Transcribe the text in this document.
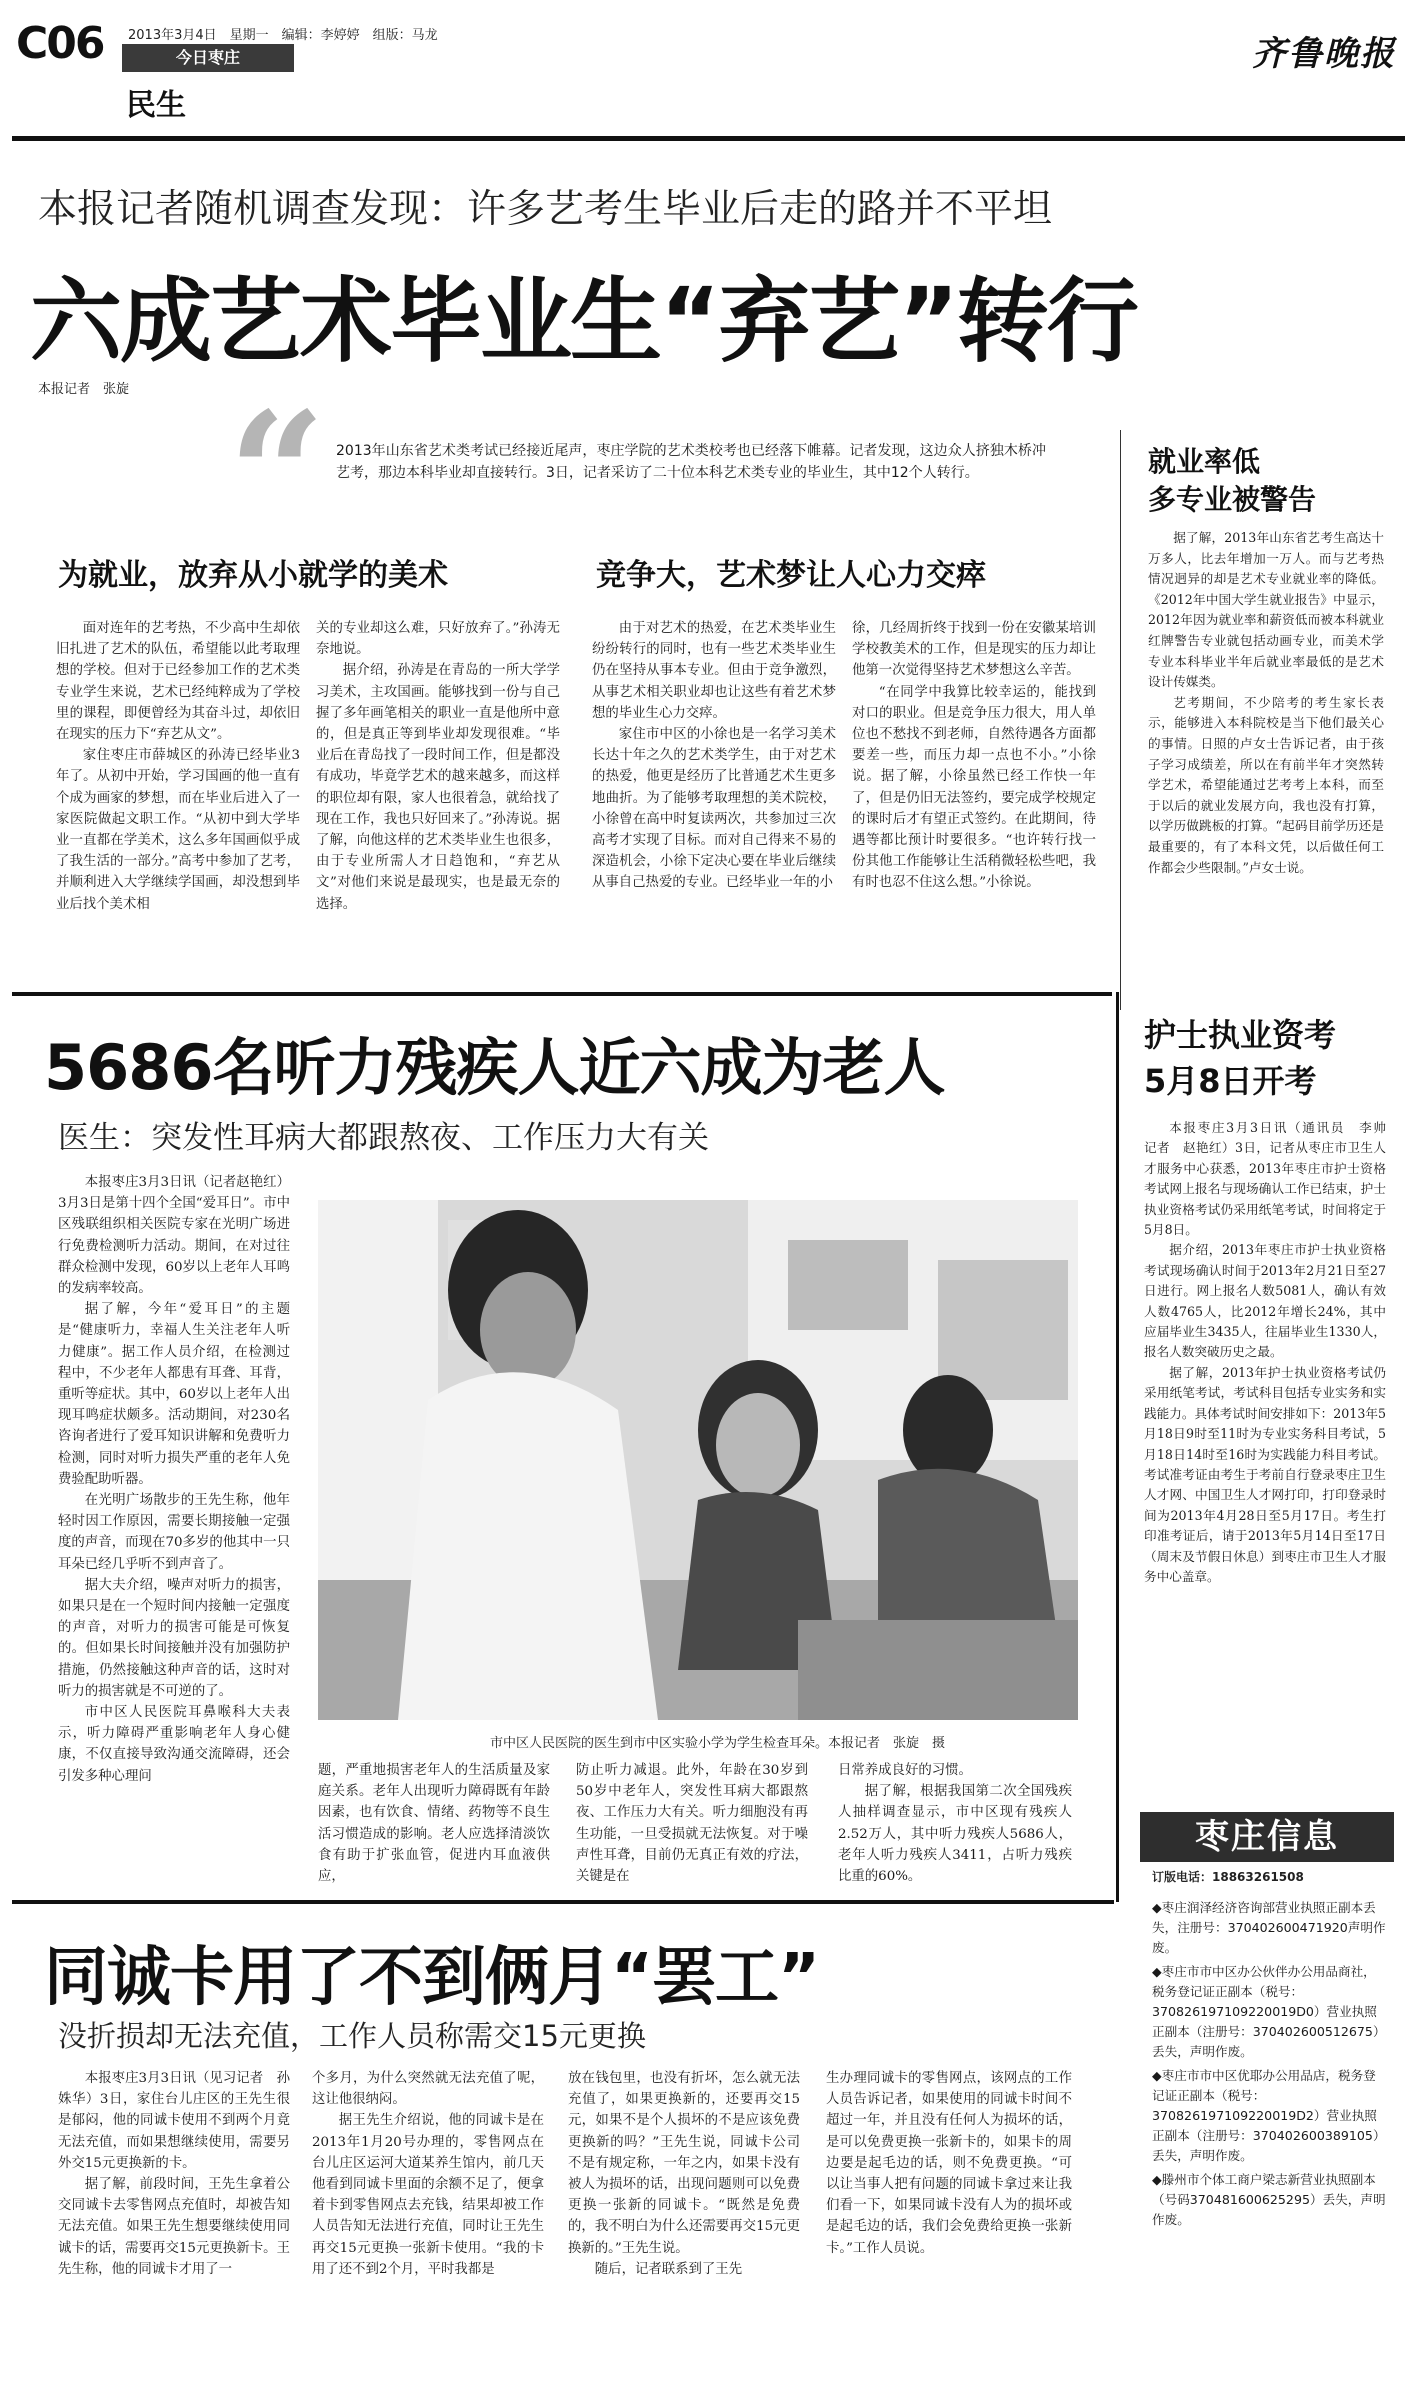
C06 2013年3月4日　星期一　编辑：李婷婷　组版：马龙
今日枣庄
民生
齐鲁晚报
本报记者随机调查发现：许多艺考生毕业后走的路并不平坦
六成艺术毕业生“弃艺”转行
本报记者　张旋 “ 2013年山东省艺术类考试已经接近尾声，枣庄学院的艺术类校考也已经落下帷幕。记者发现，这边众人挤独木桥冲艺考，那边本科毕业却直接转行。3日，记者采访了二十位本科艺术类专业的毕业生，其中12个人转行。
为就业，放弃从小就学的美术	竞争大，艺术梦让人心力交瘁

面对连年的艺考热，不少高中生却依旧扎进了艺术的队伍，希望能以此考取理想的学校。但对于已经参加工作的艺术类专业学生来说，艺术已经纯粹成为了学校里的课程，即便曾经为其奋斗过，却依旧在现实的压力下“弃艺从文”。

家住枣庄市薛城区的孙涛已经毕业3年了。从初中开始，学习国画的他一直有个成为画家的梦想，而在毕业后进入了一家医院做起文职工作。“从初中到大学毕业一直都在学美术，这么多年国画似乎成了我生活的一部分。”高考中参加了艺考，并顺利进入大学继续学国画，却没想到毕业后找个美术相

关的专业却这么难，只好放弃了。”孙涛无奈地说。

据介绍，孙涛是在青岛的一所大学学习美术，主攻国画。能够找到一份与自己握了多年画笔相关的职业一直是他所中意的，但是真正等到毕业却发现很难。“毕业后在青岛找了一段时间工作，但是都没有成功，毕竟学艺术的越来越多，而这样的职位却有限，家人也很着急，就给找了现在工作，我也只好回来了。”孙涛说。据了解，向他这样的艺术类毕业生也很多，由于专业所需人才日趋饱和，“弃艺从文”对他们来说是最现实，也是最无奈的选择。

由于对艺术的热爱，在艺术类毕业生纷纷转行的同时，也有一些艺术类毕业生仍在坚持从事本专业。但由于竞争激烈，从事艺术相关职业却也让这些有着艺术梦想的毕业生心力交瘁。

家住市中区的小徐也是一名学习美术长达十年之久的艺术类学生，由于对艺术的热爱，他更是经历了比普通艺术生更多地曲折。为了能够考取理想的美术院校，小徐曾在高中时复读两次，共参加过三次高考才实现了目标。而对自己得来不易的深造机会，小徐下定决心要在毕业后继续从事自己热爱的专业。已经毕业一年的小

徐，几经周折终于找到一份在安徽某培训学校教美术的工作，但是现实的压力却让他第一次觉得坚持艺术梦想这么辛苦。

“在同学中我算比较幸运的，能找到对口的职业。但是竞争压力很大，用人单位也不愁找不到老师，自然待遇各方面都要差一些，而压力却一点也不小。”小徐说。据了解，小徐虽然已经工作快一年了，但是仍旧无法签约，要完成学校规定的课时后才有望正式签约。在此期间，待遇等都比预计时要很多。“也许转行找一份其他工作能够让生活稍微轻松些吧，我有时也忍不住这么想。”小徐说。

就业率低
多专业被警告

据了解，2013年山东省艺考生高达十万多人，比去年增加一万人。而与艺考热情况迥异的却是艺术专业就业率的降低。《2012年中国大学生就业报告》中显示，2012年因为就业率和薪资低而被本科就业红牌警告专业就包括动画专业，而美术学专业本科毕业半年后就业率最低的是艺术设计传媒类。

艺考期间，不少陪考的考生家长表示，能够进入本科院校是当下他们最关心的事情。日照的卢女士告诉记者，由于孩子学习成绩差，所以在有前半年才突然转学艺术，希望能通过艺考考上本科，而至于以后的就业发展方向，我也没有打算，以学历做跳板的打算。“起码目前学历还是最重要的，有了本科文凭，以后做任何工作都会少些限制。”卢女士说。

5686名听力残疾人近六成为老人
医生：突发性耳病大都跟熬夜、工作压力大有关

本报枣庄3月3日讯（记者赵艳红）3月3日是第十四个全国“爱耳日”。市中区残联组织相关医院专家在光明广场进行免费检测听力活动。期间，在对过往群众检测中发现，60岁以上老年人耳鸣的发病率较高。

据了解，今年“爱耳日”的主题是“健康听力，幸福人生关注老年人听力健康”。据工作人员介绍，在检测过程中，不少老年人都患有耳聋、耳背，重听等症状。其中，60岁以上老年人出现耳鸣症状颇多。活动期间，对230名咨询者进行了爱耳知识讲解和免费听力检测，同时对听力损失严重的老年人免费验配助听器。

在光明广场散步的王先生称，他年轻时因工作原因，需要长期接触一定强度的声音，而现在70多岁的他其中一只耳朵已经几乎听不到声音了。

据大夫介绍，噪声对听力的损害，如果只是在一个短时间内接触一定强度的声音，对听力的损害可能是可恢复的。但如果长时间接触并没有加强防护措施，仍然接触这种声音的话，这时对听力的损害就是不可逆的了。

市中区人民医院耳鼻喉科大夫表示，听力障碍严重影响老年人身心健康，不仅直接导致沟通交流障碍，还会引发多种心理问

市中区人民医院的医生到市中区实验小学为学生检查耳朵。本报记者　张旋　摄

题，严重地损害老年人的生活质量及家庭关系。老年人出现听力障碍既有年龄因素，也有饮食、情绪、药物等不良生活习惯造成的影响。老人应选择清淡饮食有助于扩张血管，促进内耳血液供应，

防止听力减退。此外，年龄在30岁到50岁中老年人，突发性耳病大都跟熬夜、工作压力大有关。听力细胞没有再生功能，一旦受损就无法恢复。对于噪声性耳聋，目前仍无真正有效的疗法，关键是在

日常养成良好的习惯。

据了解，根据我国第二次全国残疾人抽样调查显示，市中区现有残疾人2.52万人，其中听力残疾人5686人，老年人听力残疾人3411，占听力残疾比重的60%。

护士执业资考
5月8日开考

本报枣庄3月3日讯（通讯员　李帅　记者　赵艳红）3日，记者从枣庄市卫生人才服务中心获悉，2013年枣庄市护士资格考试网上报名与现场确认工作已结束，护士执业资格考试仍采用纸笔考试，时间将定于5月8日。

据介绍，2013年枣庄市护士执业资格考试现场确认时间于2013年2月21日至27日进行。网上报名人数5081人，确认有效人数4765人，比2012年增长24%，其中应届毕业生3435人，往届毕业生1330人，报名人数突破历史之最。

据了解，2013年护士执业资格考试仍采用纸笔考试，考试科目包括专业实务和实践能力。具体考试时间安排如下：2013年5月18日9时至11时为专业实务科目考试，5月18日14时至16时为实践能力科目考试。考试准考证由考生于考前自行登录枣庄卫生人才网、中国卫生人才网打印，打印登录时间为2013年4月28日至5月17日。考生打印准考证后，请于2013年5月14日至17日（周末及节假日休息）到枣庄市卫生人才服务中心盖章。

枣庄信息
订版电话：18863261508

◆枣庄润泽经济咨询部营业执照正副本丢失，注册号：370402600471920声明作废。

◆枣庄市市中区办公伙伴办公用品商社，税务登记证正副本（税号：370826197109220019D0）营业执照正副本（注册号：370402600512675）丢失，声明作废。

◆枣庄市市中区优耶办公用品店，税务登记证正副本（税号：370826197109220019D2）营业执照正副本（注册号：370402600389105）丢失，声明作废。

◆滕州市个体工商户梁志新营业执照副本（号码370481600625295）丢失，声明作废。

同诚卡用了不到俩月“罢工”
没折损却无法充值，工作人员称需交15元更换

本报枣庄3月3日讯（见习记者　孙姝华）3日，家住台儿庄区的王先生很是郁闷，他的同诚卡使用不到两个月竟无法充值，而如果想继续使用，需要另外交15元更换新的卡。

据了解，前段时间，王先生拿着公交同诚卡去零售网点充值时，却被告知无法充值。如果王先生想要继续使用同诚卡的话，需要再交15元更换新卡。王先生称，他的同诚卡才用了一

个多月，为什么突然就无法充值了呢，这让他很纳闷。

据王先生介绍说，他的同诚卡是在2013年1月20号办理的，零售网点在台儿庄区运河大道某养生馆内，前几天他看到同诚卡里面的余额不足了，便拿着卡到零售网点去充钱，结果却被工作人员告知无法进行充值，同时让王先生再交15元更换一张新卡使用。“我的卡用了还不到2个月，平时我都是

放在钱包里，也没有折坏，怎么就无法充值了，如果更换新的，还要再交15元，如果不是个人损坏的不是应该免费更换新的吗？”王先生说，同诚卡公司不是有规定称，一年之内，如果卡没有被人为损坏的话，出现问题则可以免费更换一张新的同诚卡。“既然是免费的，我不明白为什么还需要再交15元更换新的。”王先生说。

随后，记者联系到了王先

生办理同诚卡的零售网点，该网点的工作人员告诉记者，如果使用的同诚卡时间不超过一年，并且没有任何人为损坏的话，是可以免费更换一张新卡的，如果卡的周边要是起毛边的话，则不免费更换。“可以让当事人把有问题的同诚卡拿过来让我们看一下，如果同诚卡没有人为的损坏或是起毛边的话，我们会免费给更换一张新卡。”工作人员说。
